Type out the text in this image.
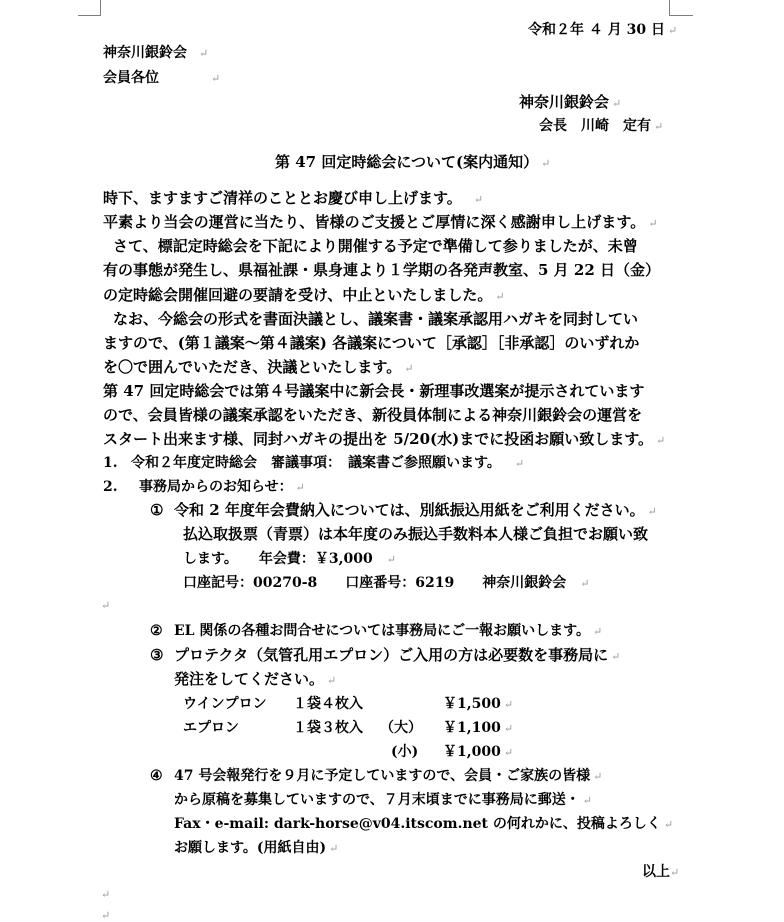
令和２年 ４ 月 30 日 ↵
神奈川銀鈴会 ↵
会員各位	↵
神奈川銀鈴会 ↵
会長　川崎　定有 ↵
第 47 回定時総会について(案内通知） ↵
時下、ますますご清祥のこととお慶び申し上げます。 ↵
平素より当会の運営に当たり、皆様のご支援とご厚情に深く感謝申し上げます。 ↵
さて、標記定時総会を下記により開催する予定で準備して参りましたが、未曾
有の事態が発生し、県福祉課・県身連より１学期の各発声教室、5 月 22 日（金）
の定時総会開催回避の要請を受け、中止といたしました。 ↵
なお、今総会の形式を書面決議とし、議案書・議案承認用ハガキを同封してい
ますので、(第１議案～第４議案) 各議案について［承認］［非承認］のいずれか
を〇で囲んでいただき、決議といたします。 ↵
第 47 回定時総会では第４号議案中に新会長・新理事改選案が提示されています
ので、会員皆様の議案承認をいただき、新役員体制による神奈川銀鈴会の運営を
スタート出来ます様、同封ハガキの提出を 5/20(水)までに投函お願い致します。 ↵
1. 令和２年度定時総会　審議事項：　議案書ご参照願います。 ↵
2. 事務局からのお知らせ： ↵
① 令和 2 年度年会費納入については、別紙振込用紙をご利用ください。 ↵
払込取扱票（青票）は本年度のみ振込手数料本人様ご負担でお願い致
します。　　年会費：￥3,000 ↵
口座記号：00270-8　　口座番号：6219　　神奈川銀鈴会 ↵
↵
② EL 関係の各種お問合せについては事務局にご一報お願いします。 ↵
③ プロテクタ（気管孔用エプロン）ご入用の方は必要数を事務局に ↵
発注をしてください。 ↵
ウインプロン １袋４枚入	￥1,500 ↵
エプロン	１袋３枚入 （大） ￥1,100 ↵
(小) ￥1,000 ↵
④ 47 号会報発行を９月に予定していますので、会員・ご家族の皆様 ↵
から原稿を募集していますので、７月末頃までに事務局に郵送・ ↵
Fax・e-mail: dark-horse@v04.itscom.net の何れかに、投稿よろしく ↵
お願します。(用紙自由) ↵
以上↵
↵
↵
